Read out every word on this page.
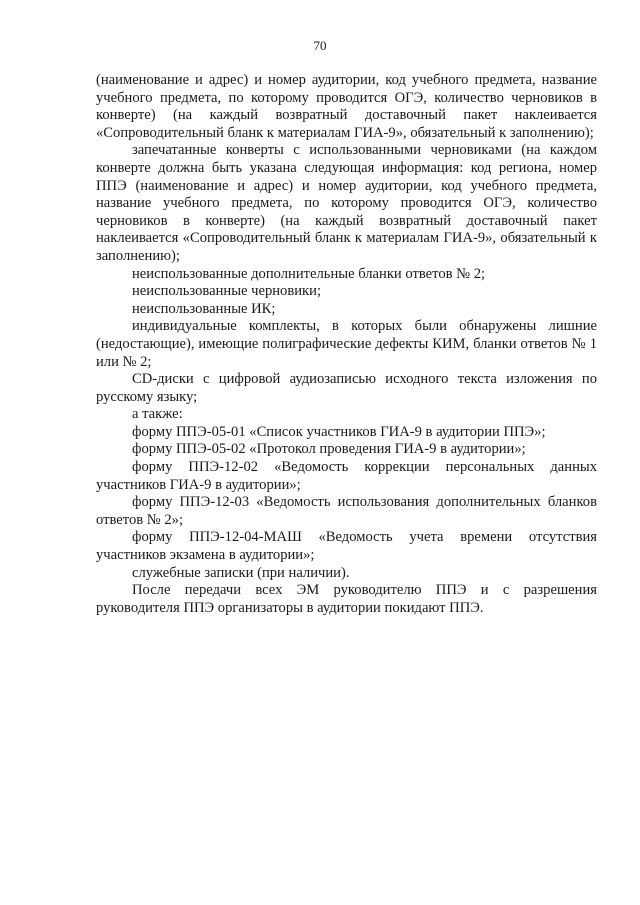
70

(наименование и адрес) и номер аудитории, код учебного предмета, название учебного предмета, по которому проводится ОГЭ, количество черновиков в конверте) (на каждый возвратный доставочный пакет наклеивается «Сопроводительный бланк к материалам ГИА-9», обязательный к заполнению);

запечатанные конверты с использованными черновиками (на каждом конверте должна быть указана следующая информация: код региона, номер ППЭ (наименование и адрес) и номер аудитории, код учебного предмета, название учебного предмета, по которому проводится ОГЭ, количество черновиков в конверте) (на каждый возвратный доставочный пакет наклеивается «Сопроводительный бланк к материалам ГИА-9», обязательный к заполнению);

неиспользованные дополнительные бланки ответов № 2;

неиспользованные черновики;

неиспользованные ИК;

индивидуальные комплекты, в которых были обнаружены лишние (недостающие), имеющие полиграфические дефекты КИМ, бланки ответов № 1 или № 2;

CD-диски с цифровой аудиозаписью исходного текста изложения по русскому языку;

а также:

форму ППЭ-05-01 «Список участников ГИА-9 в аудитории ППЭ»;

форму ППЭ-05-02 «Протокол проведения ГИА-9 в аудитории»;

форму ППЭ-12-02 «Ведомость коррекции персональных данных участников ГИА-9 в аудитории»;

форму ППЭ-12-03 «Ведомость использования дополнительных бланков ответов № 2»;

форму ППЭ-12-04-МАШ «Ведомость учета времени отсутствия участников экзамена в аудитории»;

служебные записки (при наличии).

После передачи всех ЭМ руководителю ППЭ и с разрешения руководителя ППЭ организаторы в аудитории покидают ППЭ.
